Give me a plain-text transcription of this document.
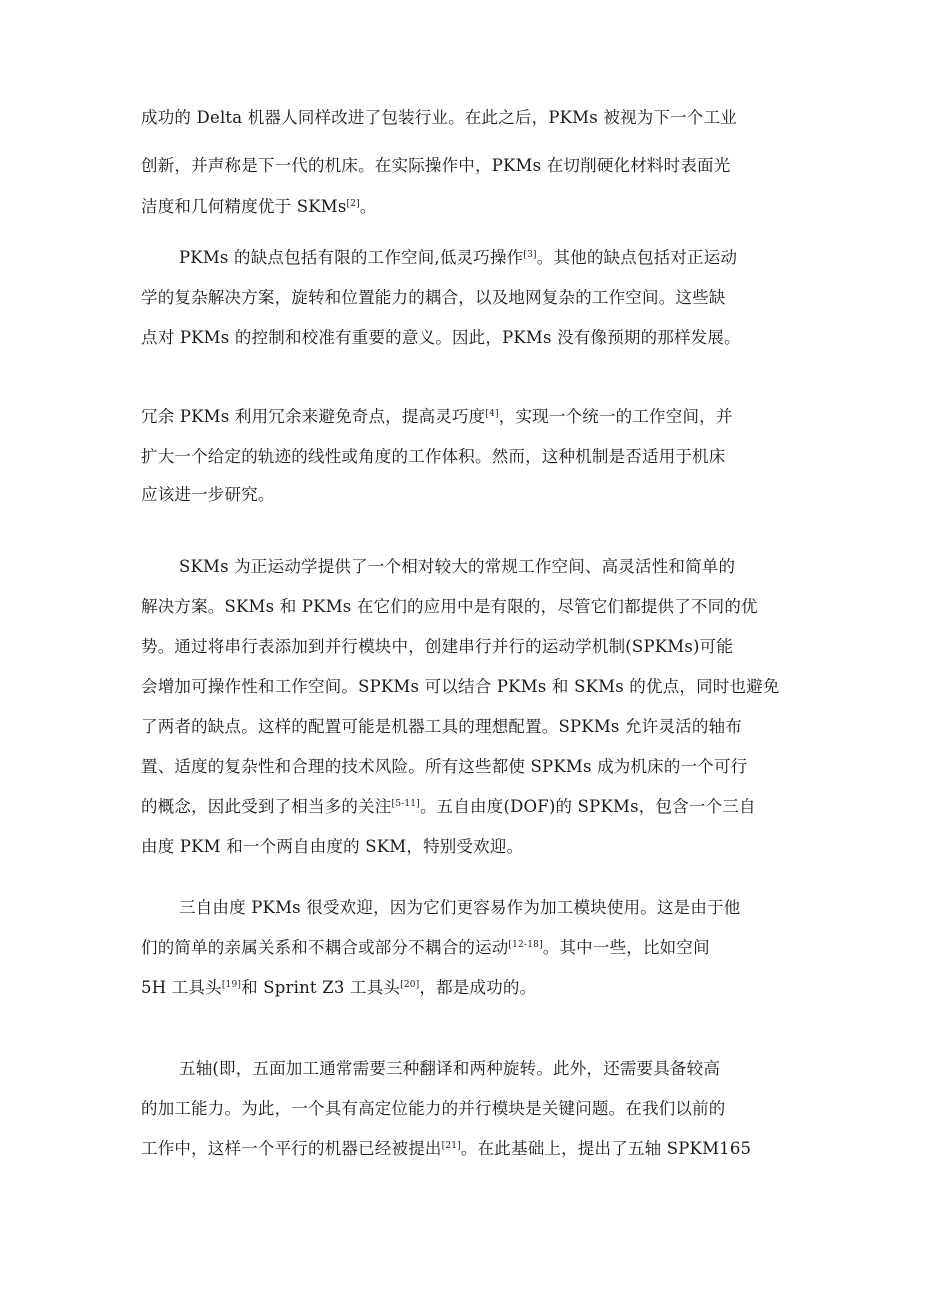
成功的 Delta 机器人同样改进了包装行业。在此之后，PKMs 被视为下一个工业
创新，并声称是下一代的机床。在实际操作中，PKMs 在切削硬化材料时表面光
洁度和几何精度优于 SKMs[2]。
PKMs 的缺点包括有限的工作空间,低灵巧操作[3]。其他的缺点包括对正运动
学的复杂解决方案，旋转和位置能力的耦合，以及地网复杂的工作空间。这些缺
点对 PKMs 的控制和校准有重要的意义。因此，PKMs 没有像预期的那样发展。
冗余 PKMs 利用冗余来避免奇点，提高灵巧度[4]，实现一个统一的工作空间，并
扩大一个给定的轨迹的线性或角度的工作体积。然而，这种机制是否适用于机床
应该进一步研究。
SKMs 为正运动学提供了一个相对较大的常规工作空间、高灵活性和简单的
解决方案。SKMs 和 PKMs 在它们的应用中是有限的，尽管它们都提供了不同的优
势。通过将串行表添加到并行模块中，创建串行并行的运动学机制(SPKMs)可能
会增加可操作性和工作空间。SPKMs 可以结合 PKMs 和 SKMs 的优点，同时也避免
了两者的缺点。这样的配置可能是机器工具的理想配置。SPKMs 允许灵活的轴布
置、适度的复杂性和合理的技术风险。所有这些都使 SPKMs 成为机床的一个可行
的概念，因此受到了相当多的关注[5-11]。五自由度(DOF)的 SPKMs，包含一个三自
由度 PKM 和一个两自由度的 SKM，特别受欢迎。
三自由度 PKMs 很受欢迎，因为它们更容易作为加工模块使用。这是由于他
们的简单的亲属关系和不耦合或部分不耦合的运动[12-18]。其中一些，比如空间
5H 工具头[19]和 Sprint Z3 工具头[20]，都是成功的。
五轴(即，五面加工通常需要三种翻译和两种旋转。此外，还需要具备较高
的加工能力。为此，一个具有高定位能力的并行模块是关键问题。在我们以前的
工作中，这样一个平行的机器已经被提出[21]。在此基础上，提出了五轴 SPKM165
